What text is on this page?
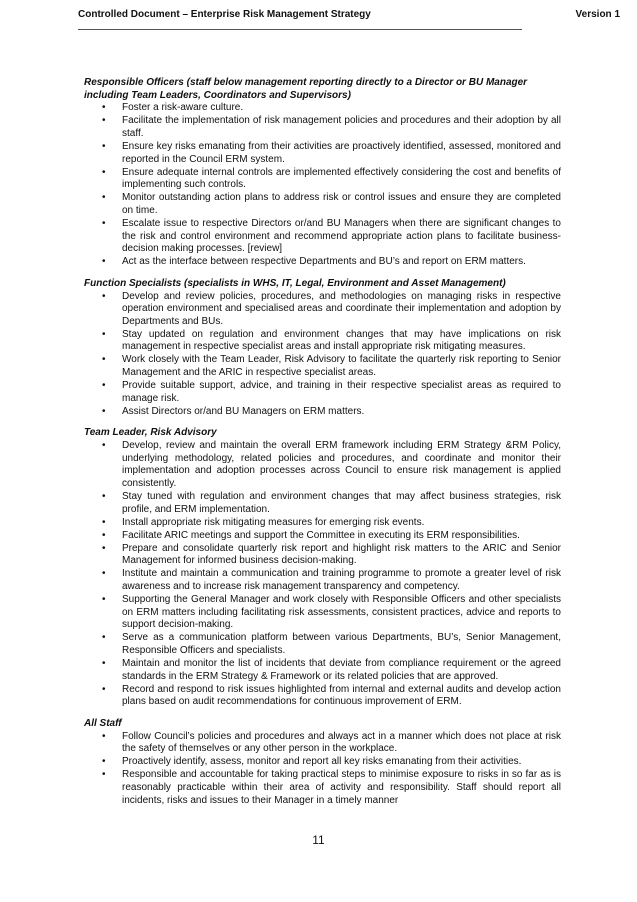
Controlled Document – Enterprise Risk Management Strategy	Version 1

Responsible Officers (staff below management reporting directly to a Director or BU Manager including Team Leaders, Coordinators and Supervisors)

• Foster a risk-aware culture.
• Facilitate the implementation of risk management policies and procedures and their adoption by all staff.
• Ensure key risks emanating from their activities are proactively identified, assessed, monitored and reported in the Council ERM system.
• Ensure adequate internal controls are implemented effectively considering the cost and benefits of implementing such controls.
• Monitor outstanding action plans to address risk or control issues and ensure they are completed on time.
• Escalate issue to respective Directors or/and BU Managers when there are significant changes to the risk and control environment and recommend appropriate action plans to facilitate business-decision making processes. [review]
• Act as the interface between respective Departments and BU’s and report on ERM matters.

Function Specialists (specialists in WHS, IT, Legal, Environment and Asset Management)

• Develop and review policies, procedures, and methodologies on managing risks in respective operation environment and specialised areas and coordinate their implementation and adoption by Departments and BUs.
• Stay updated on regulation and environment changes that may have implications on risk management in respective specialist areas and install appropriate risk mitigating measures.
• Work closely with the Team Leader, Risk Advisory to facilitate the quarterly risk reporting to Senior Management and the ARIC in respective specialist areas.
• Provide suitable support, advice, and training in their respective specialist areas as required to manage risk.
• Assist Directors or/and BU Managers on ERM matters.

Team Leader, Risk Advisory

• Develop, review and maintain the overall ERM framework including ERM Strategy &RM Policy, underlying methodology, related policies and procedures, and coordinate and monitor their implementation and adoption processes across Council to ensure risk management is applied consistently.
• Stay tuned with regulation and environment changes that may affect business strategies, risk profile, and ERM implementation.
• Install appropriate risk mitigating measures for emerging risk events.
• Facilitate ARIC meetings and support the Committee in executing its ERM responsibilities.
• Prepare and consolidate quarterly risk report and highlight risk matters to the ARIC and Senior Management for informed business decision-making.
• Institute and maintain a communication and training programme to promote a greater level of risk awareness and to increase risk management transparency and competency.
• Supporting the General Manager and work closely with Responsible Officers and other specialists on ERM matters including facilitating risk assessments, consistent practices, advice and reports to support decision-making.
• Serve as a communication platform between various Departments, BU’s, Senior Management, Responsible Officers and specialists.
• Maintain and monitor the list of incidents that deviate from compliance requirement or the agreed standards in the ERM Strategy & Framework or its related policies that are approved.
• Record and respond to risk issues highlighted from internal and external audits and develop action plans based on audit recommendations for continuous improvement of ERM.

All Staff

• Follow Council’s policies and procedures and always act in a manner which does not place at risk the safety of themselves or any other person in the workplace.
• Proactively identify, assess, monitor and report all key risks emanating from their activities.
• Responsible and accountable for taking practical steps to minimise exposure to risks in so far as is reasonably practicable within their area of activity and responsibility. Staff should report all incidents, risks and issues to their Manager in a timely manner
11
